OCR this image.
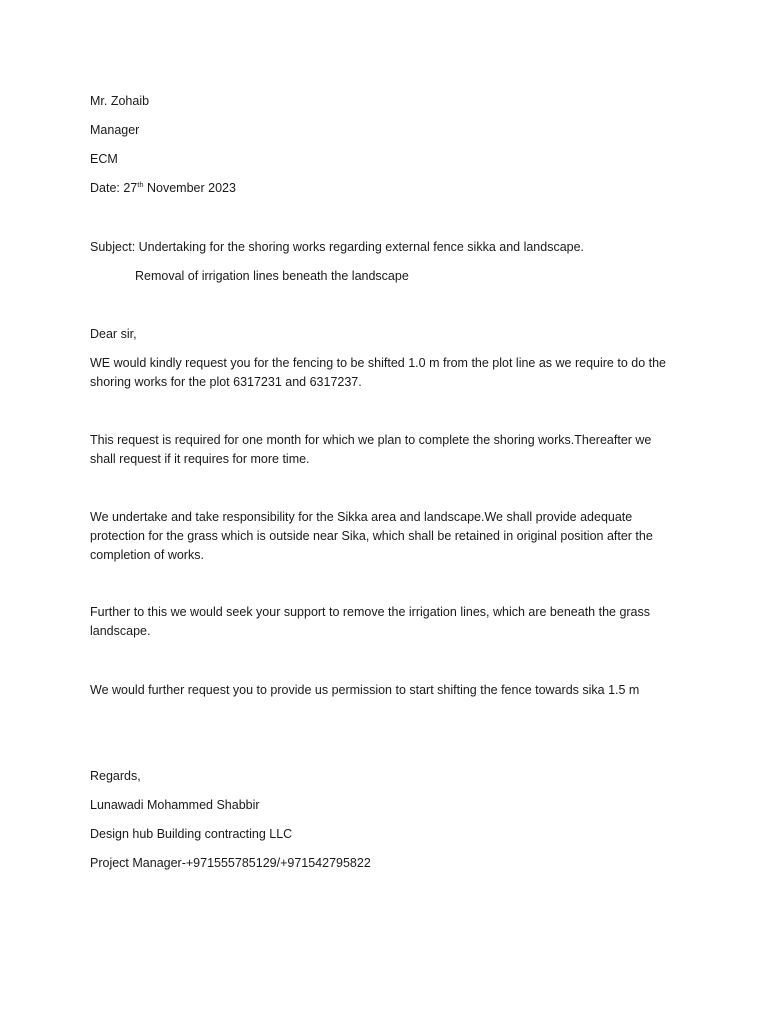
Mr. Zohaib
Manager
ECM
Date: 27th November 2023
Subject: Undertaking for the shoring works regarding external fence sikka and landscape.
Removal of irrigation lines beneath the landscape
Dear sir,
WE would kindly request you for the fencing to be shifted 1.0 m from the plot line as we require to do the shoring works for the plot 6317231 and 6317237.
This request is required for one month for which we plan to complete the shoring works.Thereafter we shall request if it requires for more time.
We undertake and take responsibility for the Sikka area and landscape.We shall provide adequate protection for the grass which is outside near Sika, which shall be retained in original position after the completion of works.
Further to this we would seek your support to remove the irrigation lines, which are beneath the grass landscape.
We would further request you to provide us permission to start shifting the fence towards sika 1.5 m
Regards,
Lunawadi Mohammed Shabbir
Design hub Building contracting LLC
Project Manager-+971555785129/+971542795822
